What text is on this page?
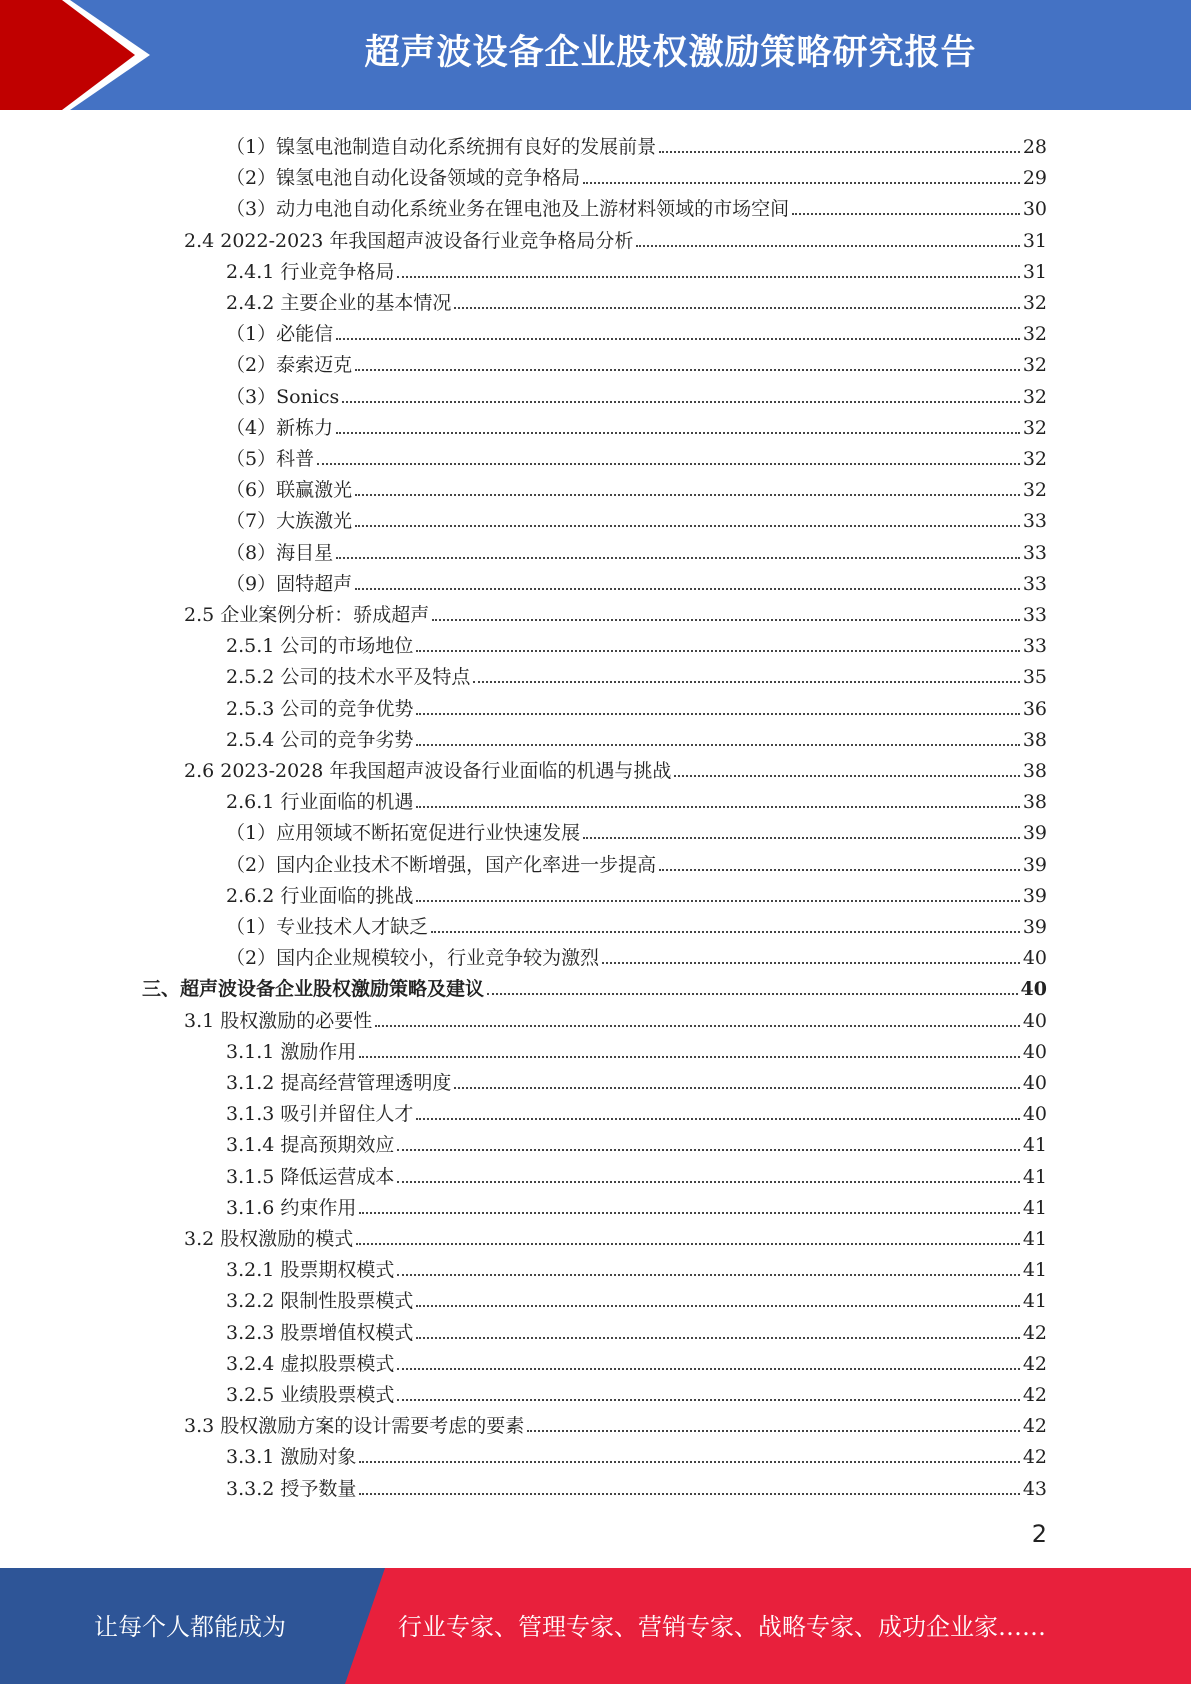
超声波设备企业股权激励策略研究报告
（1）镍氢电池制造自动化系统拥有良好的发展前景	28
（2）镍氢电池自动化设备领域的竞争格局	29
（3）动力电池自动化系统业务在锂电池及上游材料领域的市场空间	30
2.4 2022-2023 年我国超声波设备行业竞争格局分析	31
2.4.1 行业竞争格局	31
2.4.2 主要企业的基本情况	32
（1）必能信	32
（2）泰索迈克	32
（3）Sonics	32
（4）新栋力	32
（5）科普	32
（6）联赢激光	32
（7）大族激光	33
（8）海目星	33
（9）固特超声	33
2.5 企业案例分析：骄成超声	33
2.5.1 公司的市场地位	33
2.5.2 公司的技术水平及特点	35
2.5.3 公司的竞争优势	36
2.5.4 公司的竞争劣势	38
2.6 2023-2028 年我国超声波设备行业面临的机遇与挑战	38
2.6.1 行业面临的机遇	38
（1）应用领域不断拓宽促进行业快速发展	39
（2）国内企业技术不断增强，国产化率进一步提高	39
2.6.2 行业面临的挑战	39
（1）专业技术人才缺乏	39
（2）国内企业规模较小，行业竞争较为激烈	40
三、超声波设备企业股权激励策略及建议	40
3.1 股权激励的必要性	40
3.1.1 激励作用	40
3.1.2 提高经营管理透明度	40
3.1.3 吸引并留住人才	40
3.1.4 提高预期效应	41
3.1.5 降低运营成本	41
3.1.6 约束作用	41
3.2 股权激励的模式	41
3.2.1 股票期权模式	41
3.2.2 限制性股票模式	41
3.2.3 股票增值权模式	42
3.2.4 虚拟股票模式	42
3.2.5 业绩股票模式	42
3.3 股权激励方案的设计需要考虑的要素	42
3.3.1 激励对象	42
3.3.2 授予数量	43
2
让每个人都能成为	行业专家、管理专家、营销专家、战略专家、成功企业家……
